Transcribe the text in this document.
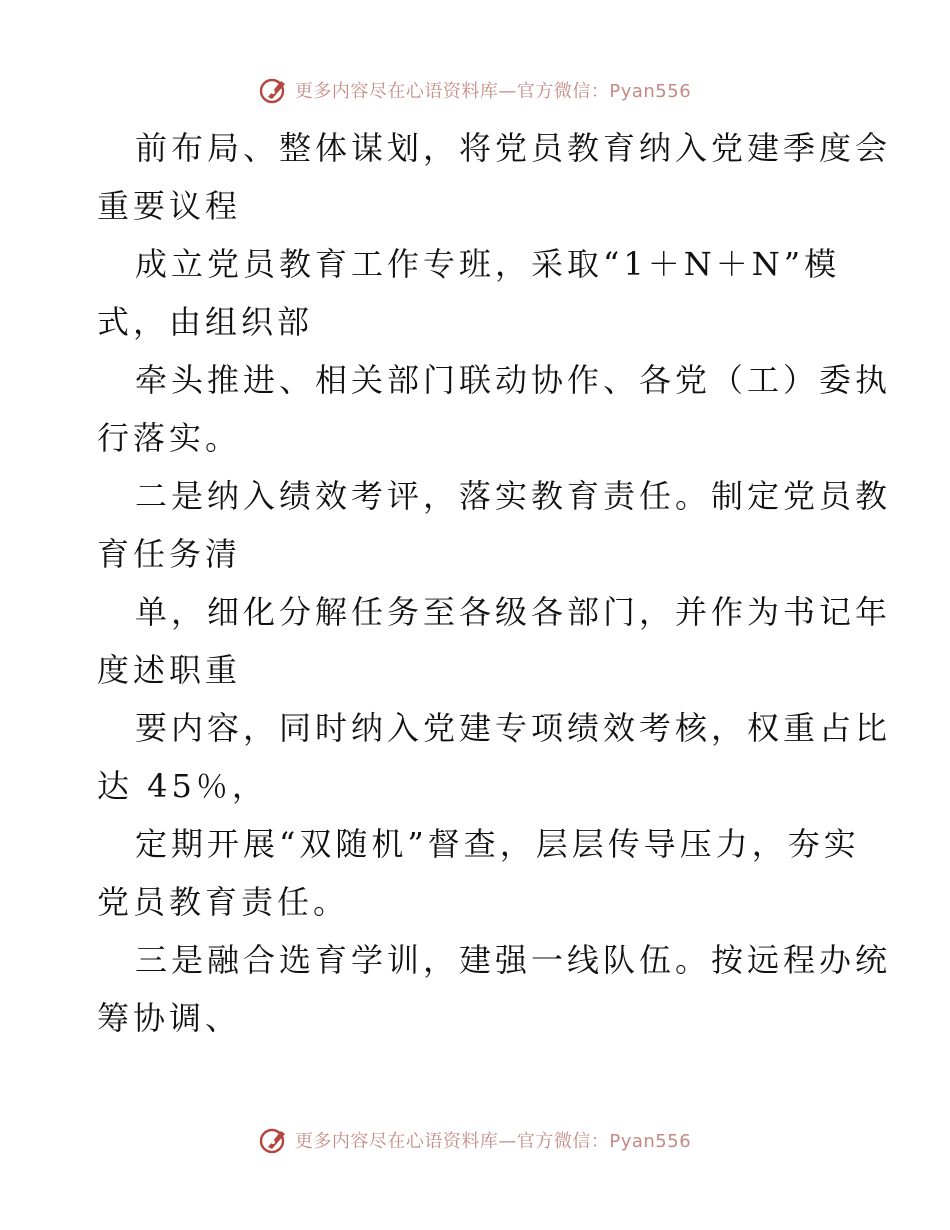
更多内容尽在心语资料库—官方微信：Pyan556
前布局、整体谋划，将党员教育纳入党建季度会
重要议程
成立党员教育工作专班，采取“1＋N＋N”模
式，由组织部
牵头推进、相关部门联动协作、各党（工）委执
行落实。
二是纳入绩效考评，落实教育责任。制定党员教
育任务清
单，细化分解任务至各级各部门，并作为书记年
度述职重
要内容，同时纳入党建专项绩效考核，权重占比
达 45％，
定期开展“双随机”督查，层层传导压力，夯实
党员教育责任。
三是融合选育学训，建强一线队伍。按远程办统
筹协调、
更多内容尽在心语资料库—官方微信：Pyan556
